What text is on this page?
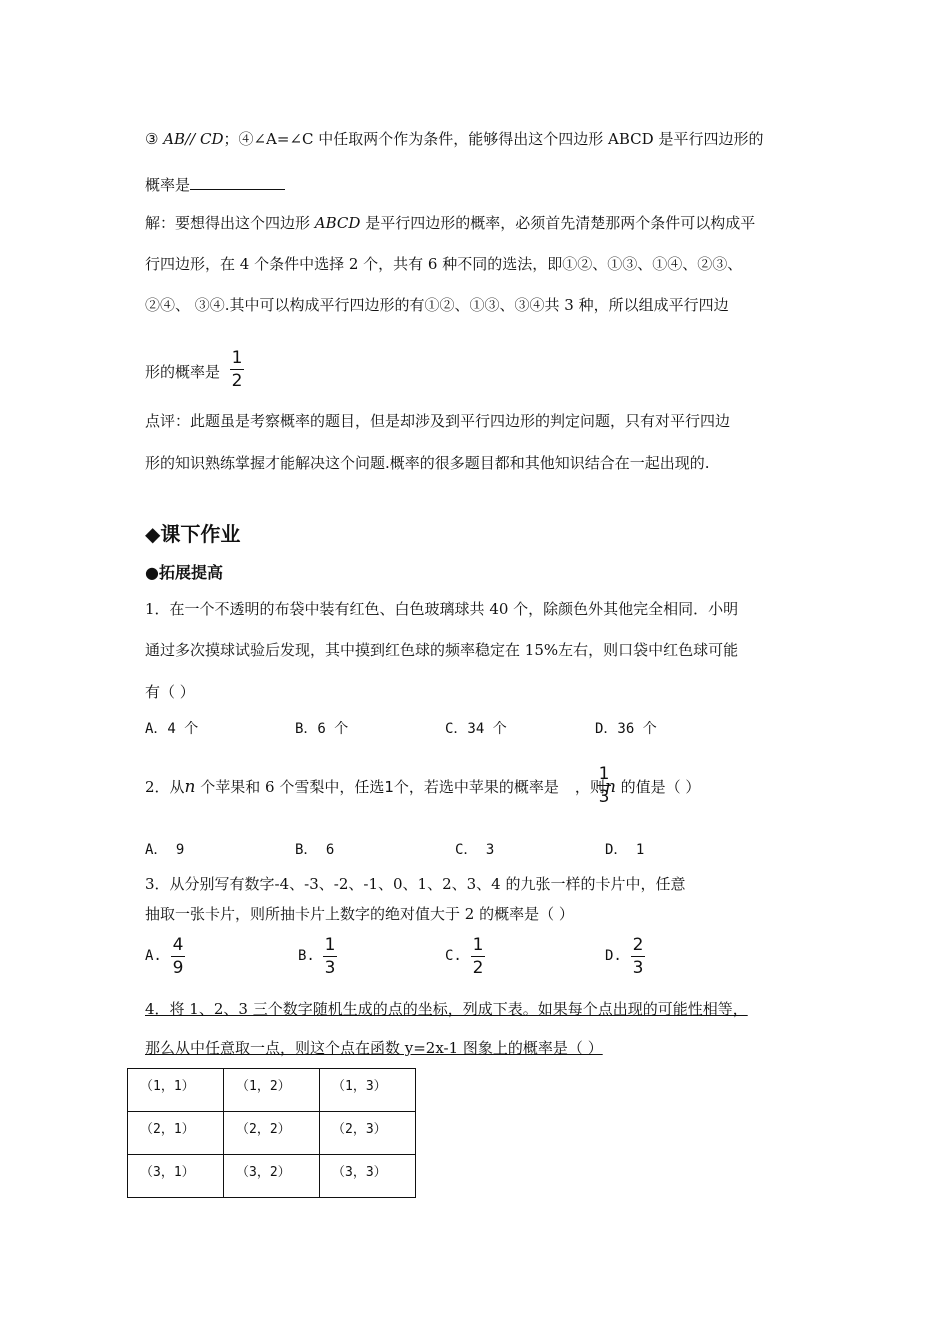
③ AB// CD；④∠A=∠C 中任取两个作为条件，能够得出这个四边形 ABCD 是平行四边形的
概率是
解：要想得出这个四边形 ABCD 是平行四边形的概率，必须首先清楚那两个条件可以构成平
行四边形，在 4 个条件中选择 2 个，共有 6 种不同的选法，即①②、①③、①④、②③、
②④、 ③④.其中可以构成平行四边形的有①②、①③、③④共 3 种，所以组成平行四边
形的概率是
1
2
点评：此题虽是考察概率的题目，但是却涉及到平行四边形的判定问题，只有对平行四边
形的知识熟练掌握才能解决这个问题.概率的很多题目都和其他知识结合在一起出现的.
◆课下作业
●拓展提高
1．在一个不透明的布袋中装有红色、白色玻璃球共 40 个，除颜色外其他完全相同．小明
通过多次摸球试验后发现，其中摸到红色球的频率稳定在 15%左右，则口袋中红色球可能
有（ ）
A．4 个	B．6 个	C．34 个	D．36 个
2．从n 个苹果和 6 个雪梨中，任选1个，若选中苹果的概率是 ，则n 的值是（ ）
1
3
A． 9	B． 6	C． 3	D． 1
3．从分别写有数字-4、-3、-2、-1、0、1、2、3、4 的九张一样的卡片中，任意
抽取一张卡片，则所抽卡片上数字的绝对值大于 2 的概率是（ ）
A.
4
9
B.
1
3
C.
1
2
D.
2
3
4．将 1、2、3 三个数字随机生成的点的坐标，列成下表。如果每个点出现的可能性相等，
那么从中任意取一点，则这个点在函数 y=2x-1 图象上的概率是（ ）
（1，1）	（1，2）	（1，3）
（2，1）	（2，2）	（2，3）
（3，1）	（3，2）	（3，3）
